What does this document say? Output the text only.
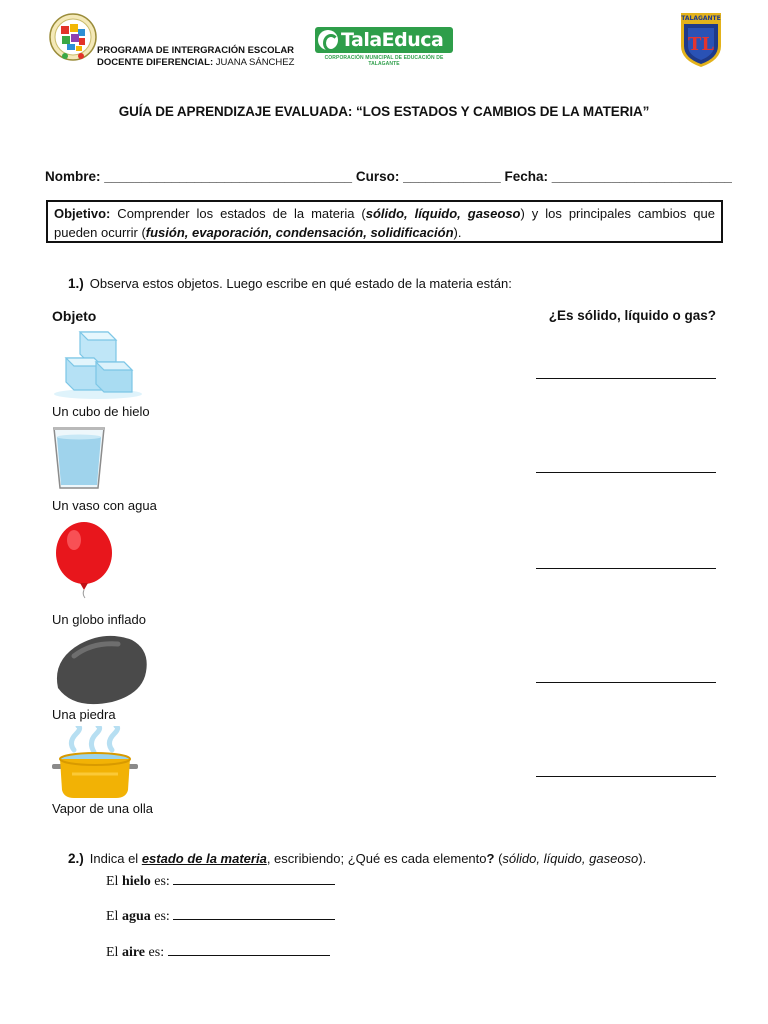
PROGRAMA DE INTERGRACIÓN ESCOLAR
DOCENTE DIFERENCIAL: JUANA SÁNCHEZ
TalaEduca
CORPORACIÓN MUNICIPAL DE EDUCACIÓN DE TALAGANTE
TALAGANTE
TL
GUÍA DE APRENDIZAJE EVALUADA: “LOS ESTADOS Y CAMBIOS DE LA MATERIA”
Nombre: _________________________________ Curso: _____________ Fecha: ________________________
Objetivo: Comprender los estados de la materia (sólido, líquido, gaseoso) y los principales cambios que pueden ocurrir (fusión, evaporación, condensación, solidificación).
1.) Observa estos objetos. Luego escribe en qué estado de la materia están:
Objeto	¿Es sólido, líquido o gas?
Un cubo de hielo
Un vaso con agua
Un globo inflado
Una piedra
Vapor de una olla
2.) Indica el estado de la materia, escribiendo; ¿Qué es cada elemento? (sólido, líquido, gaseoso).
El hielo es:
El agua es:
El aire es:
